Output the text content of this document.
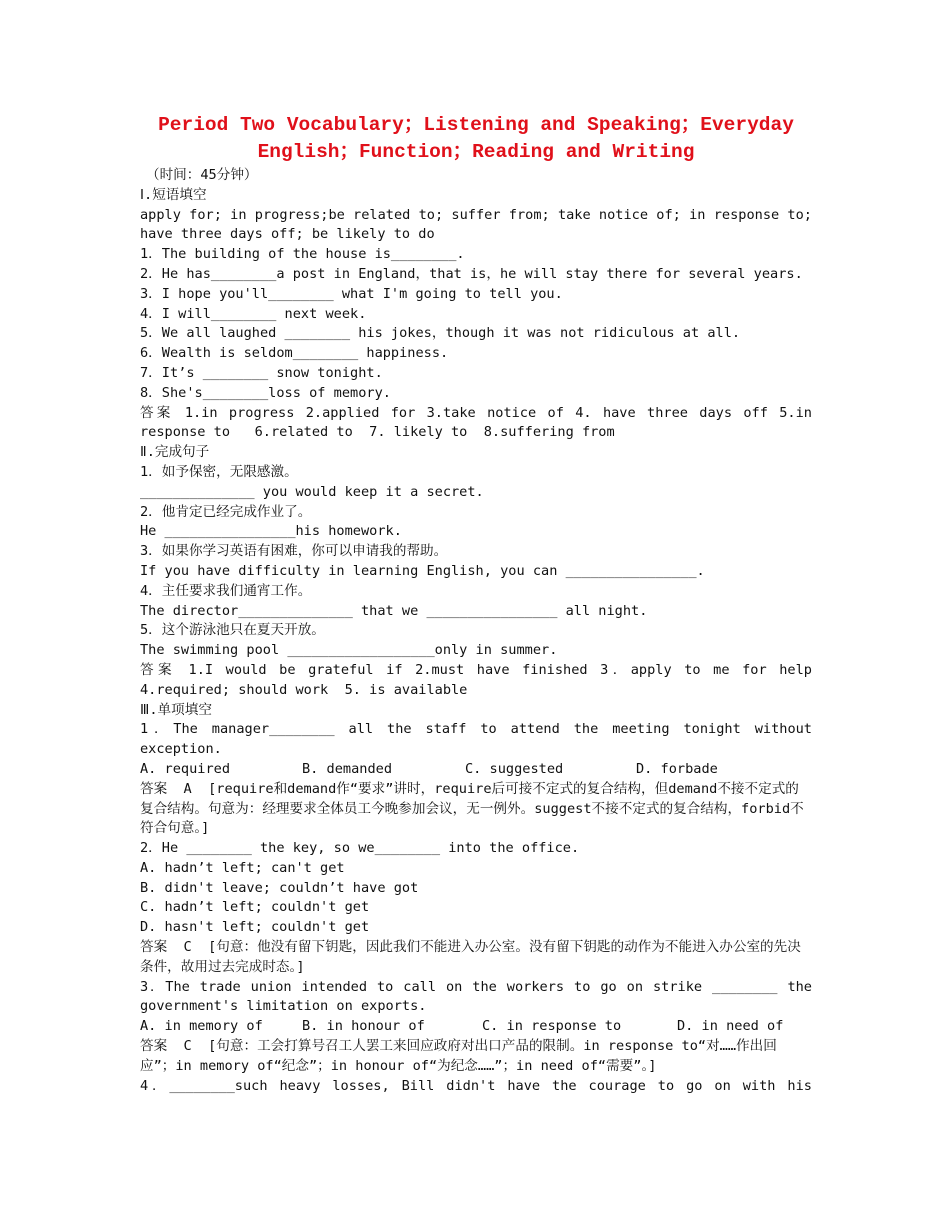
Period Two Vocabulary；Listening and Speaking；Everyday
English；Function；Reading and Writing
（时间：45分钟）
Ⅰ.短语填空
apply for; in progress;be related to; suffer from; take notice of; in response to;
have three days off; be likely to do
1．The building of the house is________.
2．He has________a post in England，that is，he will stay there for several years.
3．I hope you'll________ what I'm going to tell you.
4．I will________ next week.
5．We all laughed ________ his jokes，though it was not ridiculous at all.
6．Wealth is seldom________ happiness.
7．It’s ________ snow tonight.
8．She's________loss of memory.
答案 1.in progress 2.applied for 3.take notice of 4. have three days off 5.in
response to   6.related to  7. likely to  8.suffering from
Ⅱ.完成句子
1．如予保密，无限感激。
______________ you would keep it a secret.
2．他肯定已经完成作业了。
He ________________his homework.
3．如果你学习英语有困难，你可以申请我的帮助。
If you have difficulty in learning English, you can ________________.
4．主任要求我们通宵工作。
The director______________ that we ________________ all night.
5．这个游泳池只在夏天开放。
The swimming pool __________________only in summer.
答案 1.I would be grateful if 2.must have finished 3．apply to me for help
4.required; should work  5. is available
Ⅲ.单项填空
1．The manager________ all the staff to attend the meeting tonight without
exception.
A. required	B. demanded	C. suggested	D. forbade
答案  A  [require和demand作“要求”讲时，require后可接不定式的复合结构，但demand不接不定式的复合结构。句意为：经理要求全体员工今晚参加会议，无一例外。suggest不接不定式的复合结构，forbid不符合句意。]
2．He ________ the key, so we________ into the office.
A. hadn’t left; can't get
B. didn't leave; couldn’t have got
C. hadn’t left; couldn't get
D. hasn't left; couldn't get
答案  C  [句意：他没有留下钥匙，因此我们不能进入办公室。没有留下钥匙的动作为不能进入办公室的先决条件，故用过去完成时态。]
3．The trade union intended to call on the workers to go on strike ________ the
government's limitation on exports.
A. in memory of	B. in honour of	C. in response to	D. in need of
答案  C  [句意：工会打算号召工人罢工来回应政府对出口产品的限制。in response to“对……作出回应”；in memory of“纪念”；in honour of“为纪念……”；in need of“需要”。]
4．________such heavy losses, Bill didn't have the courage to go on with his
